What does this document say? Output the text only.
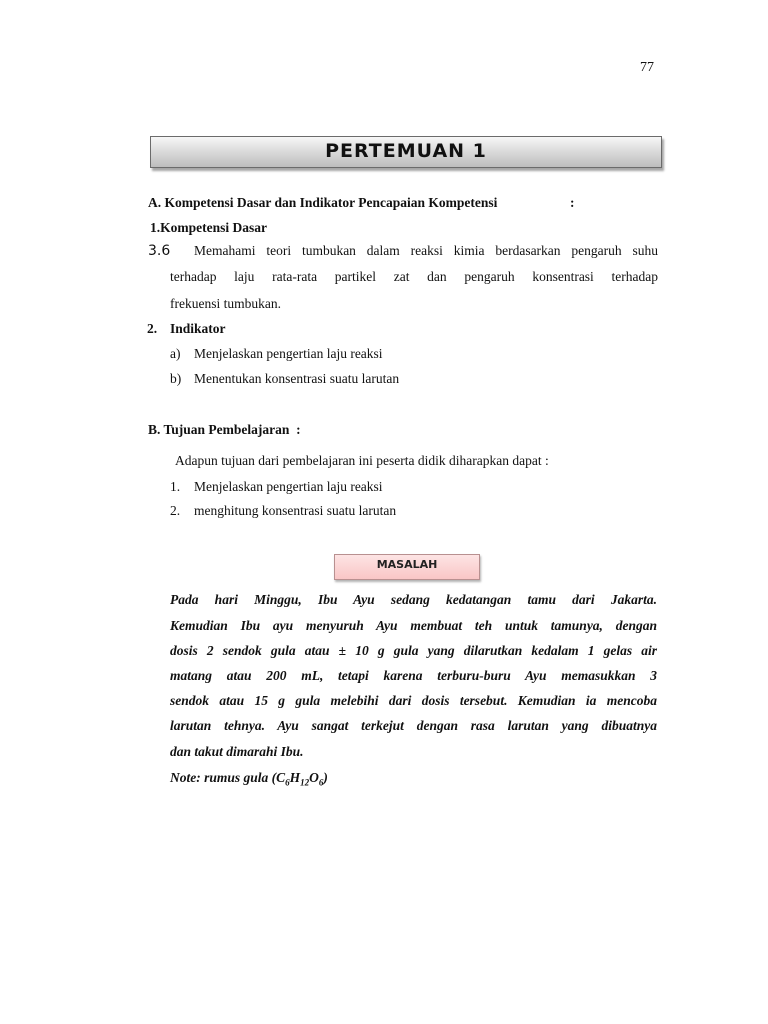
77
PERTEMUAN 1
A. Kompetensi Dasar dan Indikator Pencapaian Kompetensi	:
1.Kompetensi Dasar
3.6 Memahami teori tumbukan dalam reaksi kimia berdasarkan pengaruh suhu
terhadap laju rata-rata partikel zat dan pengaruh konsentrasi terhadap
frekuensi tumbukan.
2. Indikator
a) Menjelaskan pengertian laju reaksi
b) Menentukan konsentrasi suatu larutan
B. Tujuan Pembelajaran  :
Adapun tujuan dari pembelajaran ini peserta didik diharapkan dapat :
1. Menjelaskan pengertian laju reaksi
2. menghitung konsentrasi suatu larutan
MASALAH
Pada hari Minggu, Ibu Ayu sedang kedatangan tamu dari Jakarta.
Kemudian Ibu ayu menyuruh Ayu membuat teh untuk tamunya, dengan
dosis 2 sendok gula atau ± 10 g gula yang dilarutkan kedalam 1 gelas air
matang atau 200 mL, tetapi karena terburu-buru Ayu memasukkan 3
sendok atau 15 g gula melebihi dari dosis tersebut. Kemudian ia mencoba
larutan tehnya. Ayu sangat terkejut dengan rasa larutan yang dibuatnya
dan takut dimarahi Ibu.
Note: rumus gula $(C_6H_{12}O_6)$
